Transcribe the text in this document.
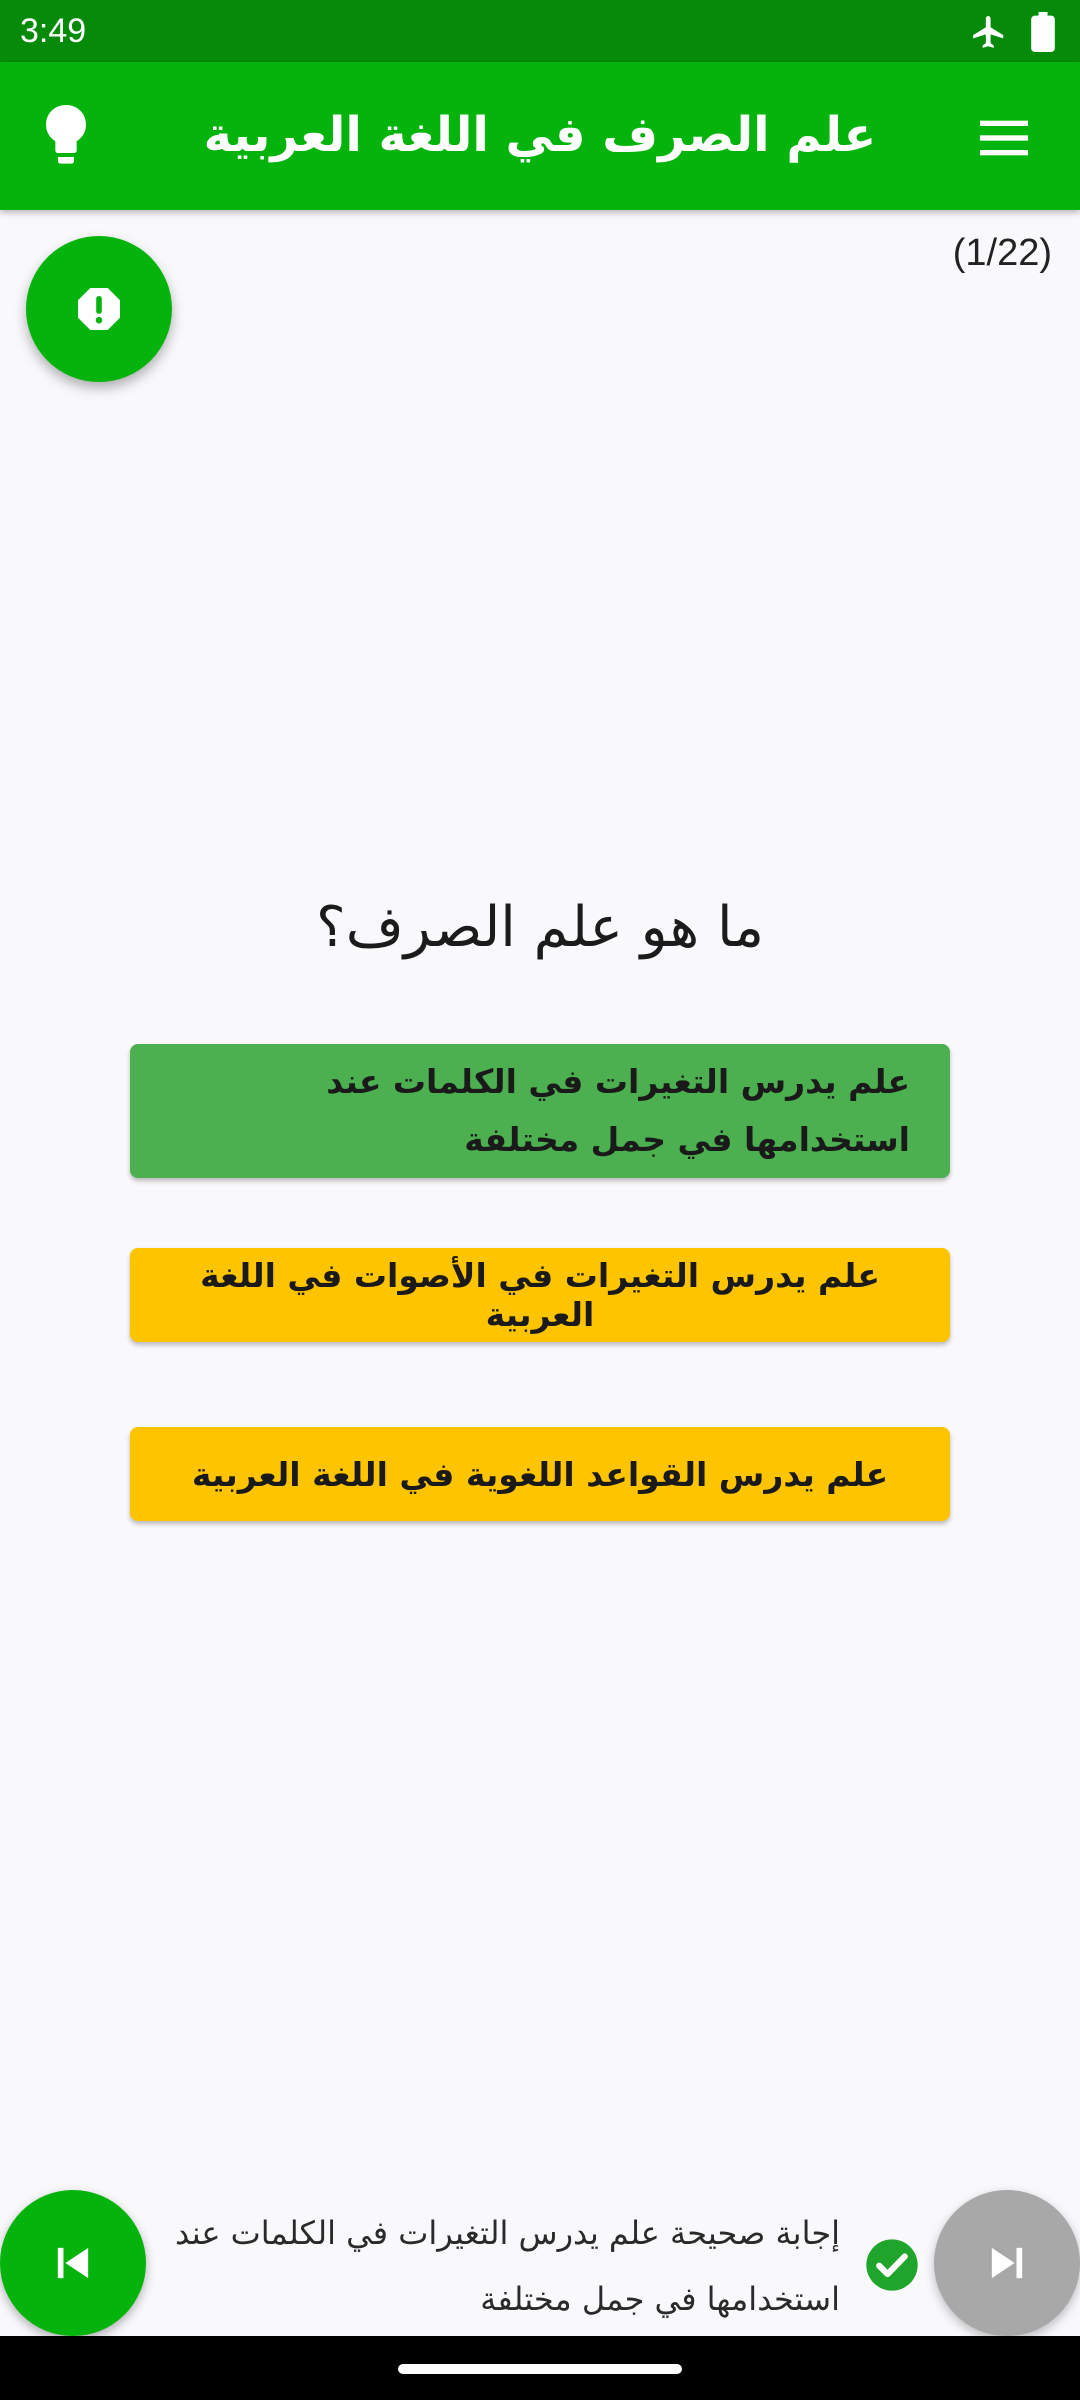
3:49
علم الصرف في اللغة العربية
(1/22)
ما هو علم الصرف؟
علم يدرس التغيرات في الكلمات عند استخدامها في جمل مختلفة
علم يدرس التغيرات في الأصوات في اللغة العربية
علم يدرس القواعد اللغوية في اللغة العربية
إجابة صحيحة علم يدرس التغيرات في الكلمات عند استخدامها في جمل مختلفة
